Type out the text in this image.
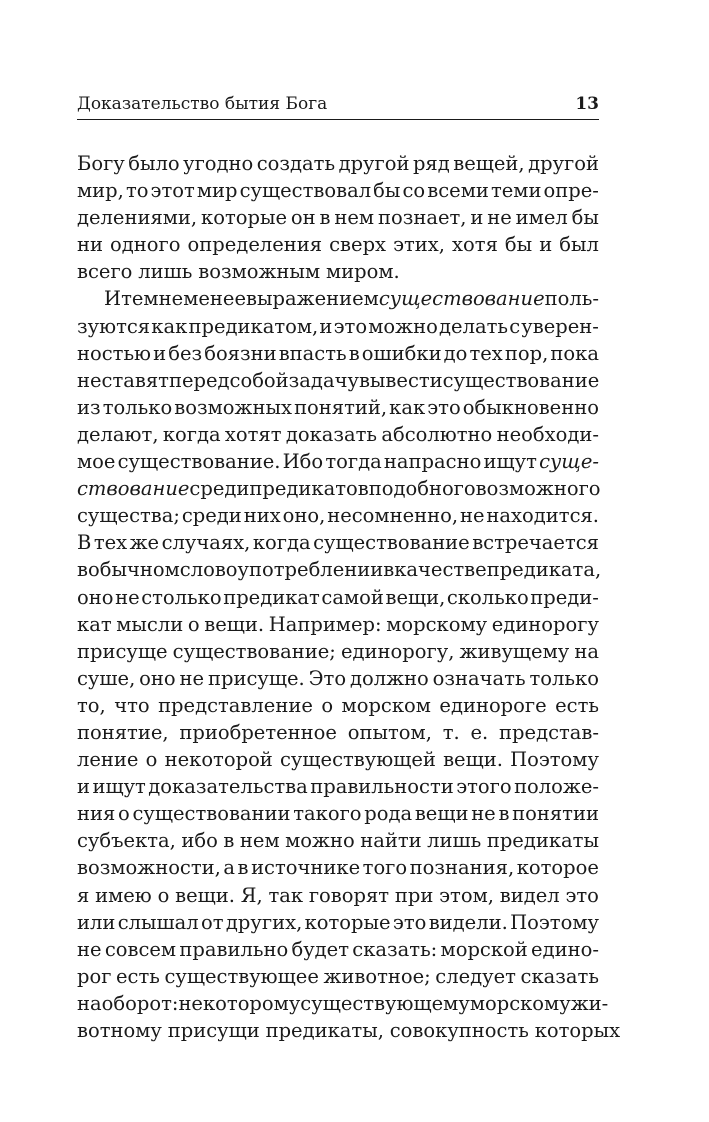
Доказательство бытия Бога	13
Богу было угодно создать другой ряд вещей, другой
мир, то этот мир существовал бы со всеми теми опре-
делениями, которые он в нем познает, и не имел бы
ни одного определения сверх этих, хотя бы и был
всего лишь возможным миром.
И тем не менее выражением существование поль-
зуются как предикатом, и это можно делать с уверен-
ностью и без боязни впасть в ошибки до тех пор, пока
не ставят перед собой задачу вывести существование
из только возможных понятий, как это обыкновенно
делают, когда хотят доказать абсолютно необходи-
мое существование. Ибо тогда напрасно ищут суще-
ствование среди предикатов подобного возможного
существа; среди них оно, несомненно, не находится.
В тех же случаях, когда существование встречается
в обычном словоупотреблении в качестве предиката,
оно не столько предикат самой вещи, сколько преди-
кат мысли о вещи. Например: морскому единорогу
присуще существование; единорогу, живущему на
суше, оно не присуще. Это должно означать только
то, что представление о морском единороге есть
понятие, приобретенное опытом, т. е. представ-
ление о некоторой существующей вещи. Поэтому
и ищут доказательства правильности этого положе-
ния о существовании такого рода вещи не в понятии
субъекта, ибо в нем можно найти лишь предикаты
возможности, а в источнике того познания, которое
я имею о вещи. Я, так говорят при этом, видел это
или слышал от других, которые это видели. Поэтому
не совсем правильно будет сказать: морской едино-
рог есть существующее животное; следует сказать
наоборот: некоторому существующему морскому жи-
вотному присущи предикаты, совокупность которых
